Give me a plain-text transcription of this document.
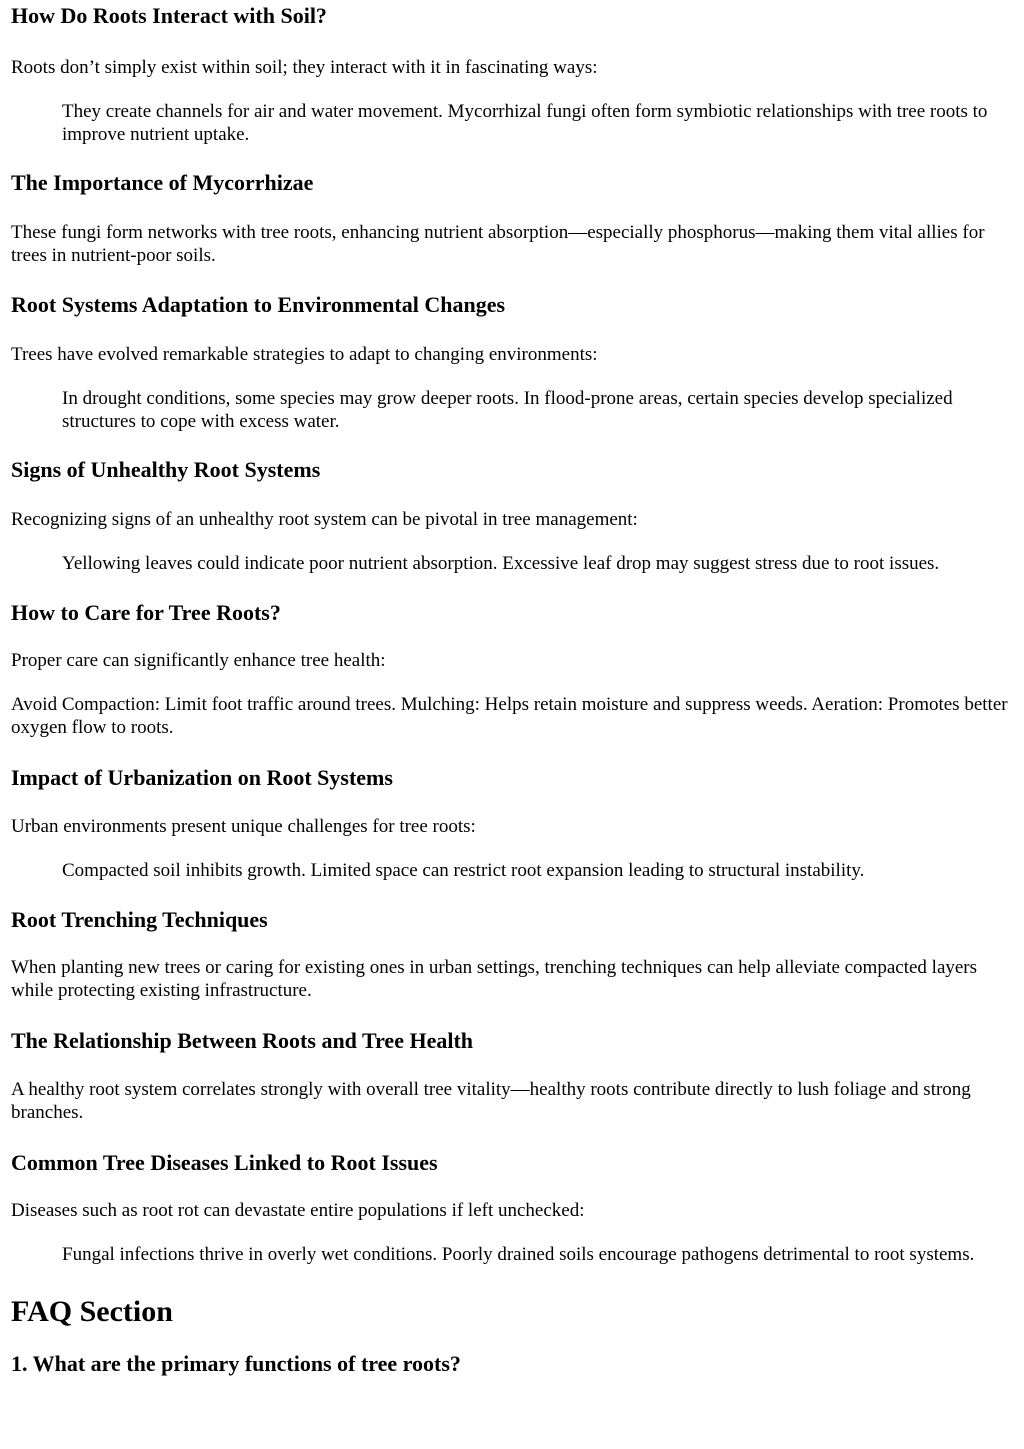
How Do Roots Interact with Soil?

Roots don’t simply exist within soil; they interact with it in fascinating ways:

They create channels for air and water movement. Mycorrhizal fungi often form symbiotic relationships with tree roots to improve nutrient uptake.

The Importance of Mycorrhizae

These fungi form networks with tree roots, enhancing nutrient absorption—especially phosphorus—making them vital allies for trees in nutrient-poor soils.

Root Systems Adaptation to Environmental Changes

Trees have evolved remarkable strategies to adapt to changing environments:

In drought conditions, some species may grow deeper roots. In flood-prone areas, certain species develop specialized structures to cope with excess water.

Signs of Unhealthy Root Systems

Recognizing signs of an unhealthy root system can be pivotal in tree management:

Yellowing leaves could indicate poor nutrient absorption. Excessive leaf drop may suggest stress due to root issues.

How to Care for Tree Roots?

Proper care can significantly enhance tree health:

Avoid Compaction: Limit foot traffic around trees. Mulching: Helps retain moisture and suppress weeds. Aeration: Promotes better oxygen flow to roots.

Impact of Urbanization on Root Systems

Urban environments present unique challenges for tree roots:

Compacted soil inhibits growth. Limited space can restrict root expansion leading to structural instability.

Root Trenching Techniques

When planting new trees or caring for existing ones in urban settings, trenching techniques can help alleviate compacted layers while protecting existing infrastructure.

The Relationship Between Roots and Tree Health

A healthy root system correlates strongly with overall tree vitality—healthy roots contribute directly to lush foliage and strong branches.

Common Tree Diseases Linked to Root Issues

Diseases such as root rot can devastate entire populations if left unchecked:

Fungal infections thrive in overly wet conditions. Poorly drained soils encourage pathogens detrimental to root systems.

FAQ Section
1. What are the primary functions of tree roots?
